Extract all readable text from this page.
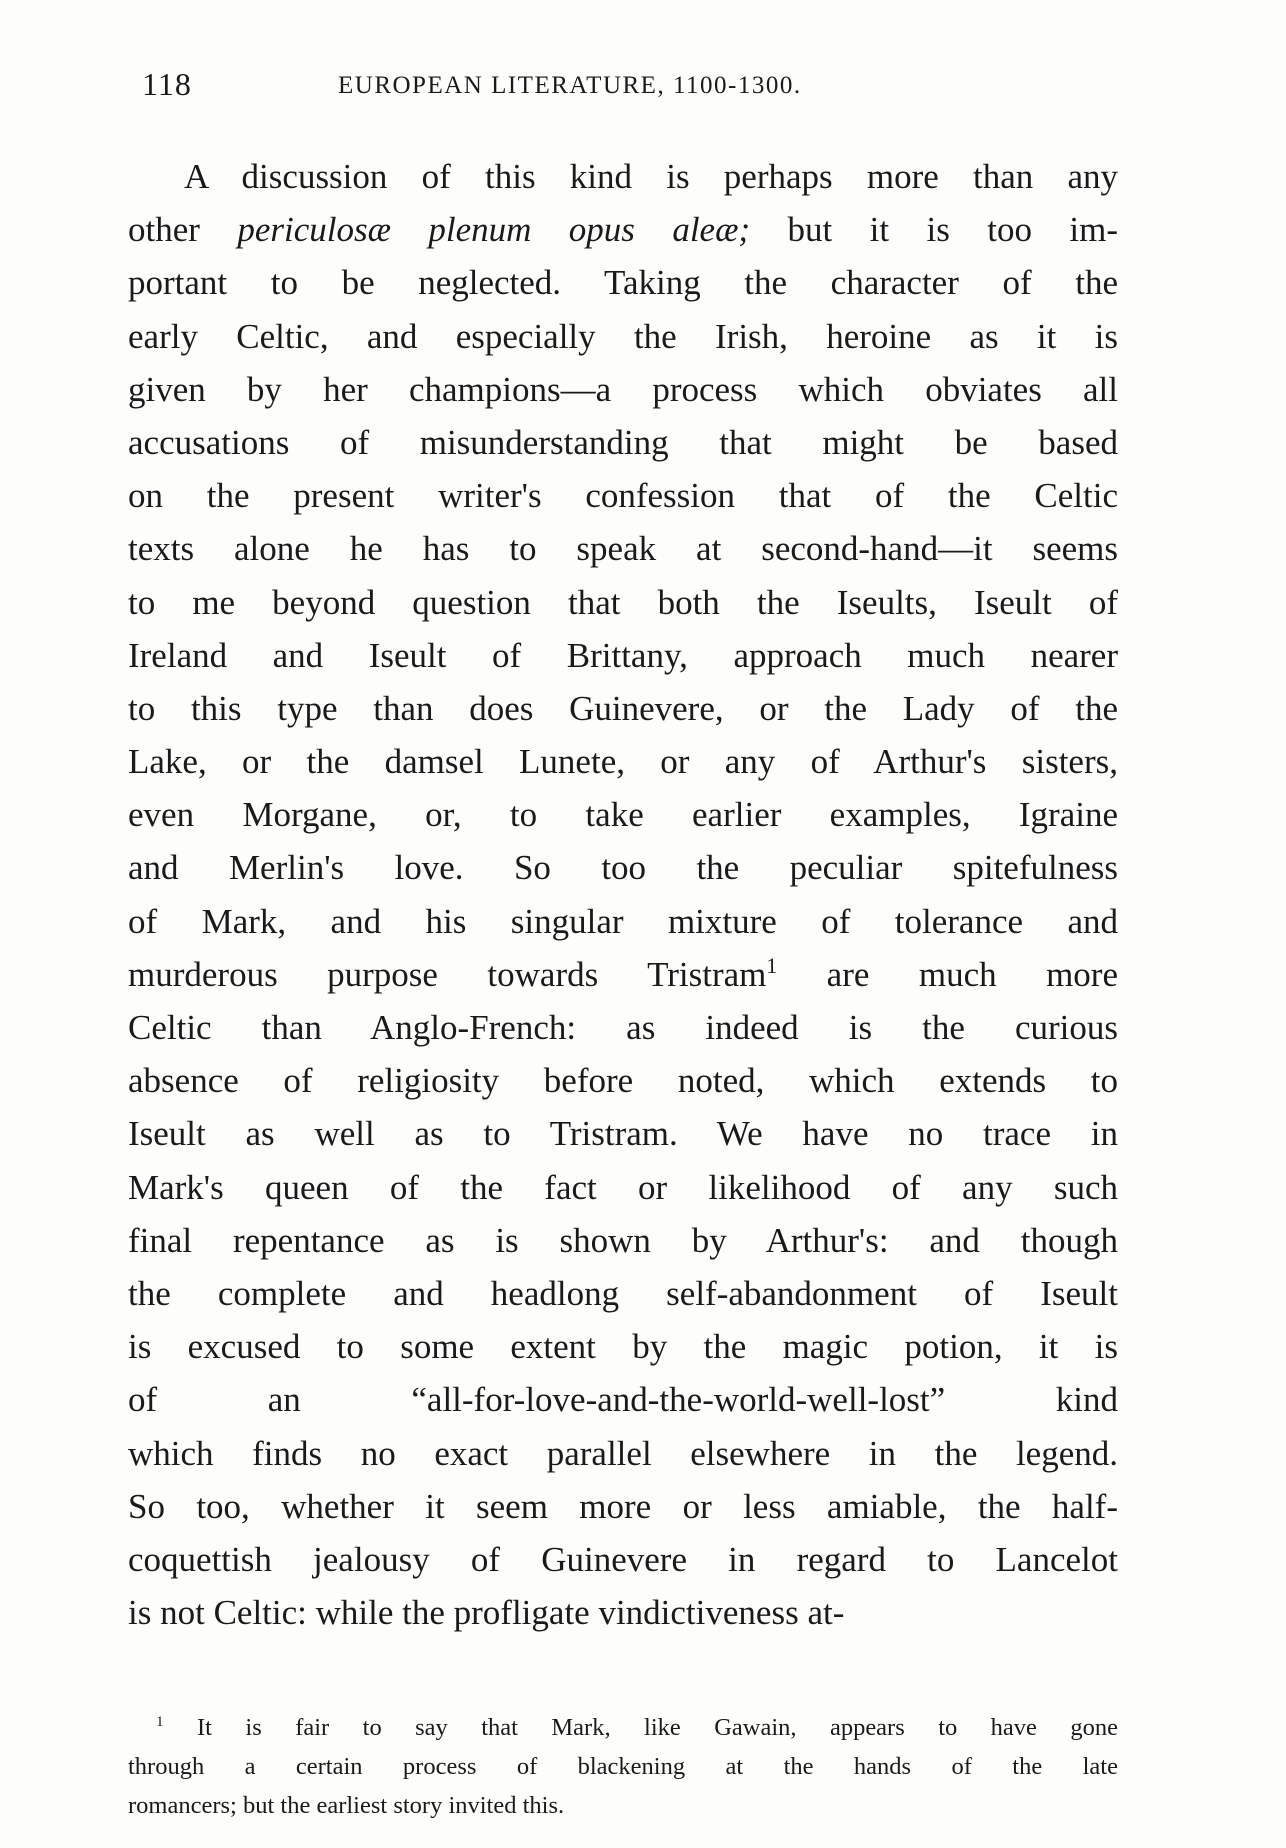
118	EUROPEAN LITERATURE, 1100-1300.
A discussion of this kind is perhaps more than any
other periculosæ plenum opus aleæ; but it is too im-
portant to be neglected. Taking the character of the
early Celtic, and especially the Irish, heroine as it is
given by her champions—a process which obviates all
accusations of misunderstanding that might be based
on the present writer's confession that of the Celtic
texts alone he has to speak at second-hand—it seems
to me beyond question that both the Iseults, Iseult of
Ireland and Iseult of Brittany, approach much nearer
to this type than does Guinevere, or the Lady of the
Lake, or the damsel Lunete, or any of Arthur's sisters,
even Morgane, or, to take earlier examples, Igraine
and Merlin's love. So too the peculiar spitefulness
of Mark, and his singular mixture of tolerance and
murderous purpose towards Tristram$^1$ are much more
Celtic than Anglo-French: as indeed is the curious
absence of religiosity before noted, which extends to
Iseult as well as to Tristram. We have no trace in
Mark's queen of the fact or likelihood of any such
final repentance as is shown by Arthur's: and though
the complete and headlong self-abandonment of Iseult
is excused to some extent by the magic potion, it is
of an “all-for-love-and-the-world-well-lost” kind
which finds no exact parallel elsewhere in the legend.
So too, whether it seem more or less amiable, the half-
coquettish jealousy of Guinevere in regard to Lancelot
is not Celtic: while the profligate vindictiveness at-
$^1$ It is fair to say that Mark, like Gawain, appears to have gone
through a certain process of blackening at the hands of the late
romancers; but the earliest story invited this.
